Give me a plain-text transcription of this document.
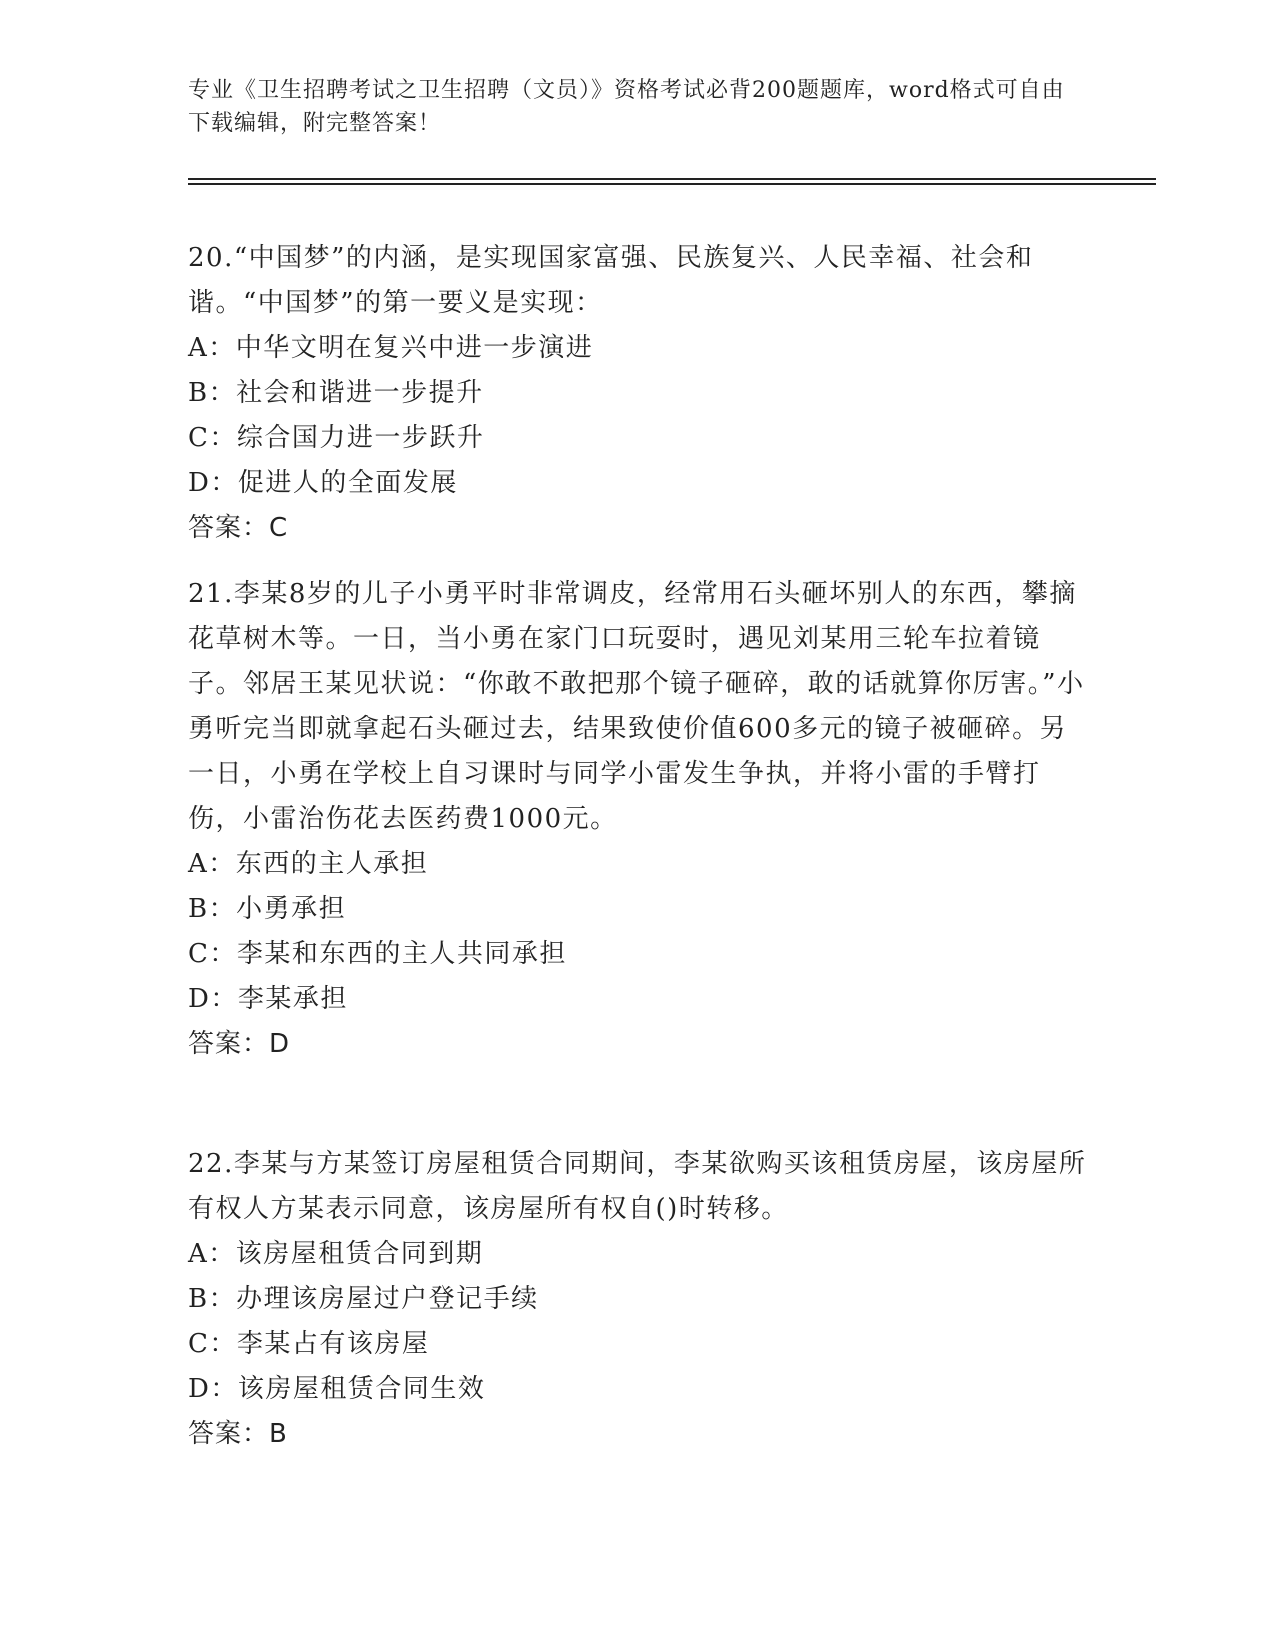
专业《卫生招聘考试之卫生招聘（文员）》资格考试必背200题题库，word格式可自由下载编辑，附完整答案！

20.“中国梦”的内涵，是实现国家富强、民族复兴、人民幸福、社会和谐。“中国梦”的第一要义是实现：

A：中华文明在复兴中进一步演进

B：社会和谐进一步提升

C：综合国力进一步跃升

D：促进人的全面发展

答案：C

21.李某8岁的儿子小勇平时非常调皮，经常用石头砸坏别人的东西，攀摘花草树木等。一日，当小勇在家门口玩耍时，遇见刘某用三轮车拉着镜子。邻居王某见状说：“你敢不敢把那个镜子砸碎，敢的话就算你厉害。”小勇听完当即就拿起石头砸过去，结果致使价值600多元的镜子被砸碎。另一日，小勇在学校上自习课时与同学小雷发生争执，并将小雷的手臂打伤，小雷治伤花去医药费1000元。

A：东西的主人承担

B：小勇承担

C：李某和东西的主人共同承担

D：李某承担

答案：D

22.李某与方某签订房屋租赁合同期间，李某欲购买该租赁房屋，该房屋所有权人方某表示同意，该房屋所有权自()时转移。

A：该房屋租赁合同到期

B：办理该房屋过户登记手续

C：李某占有该房屋

D：该房屋租赁合同生效

答案：B
